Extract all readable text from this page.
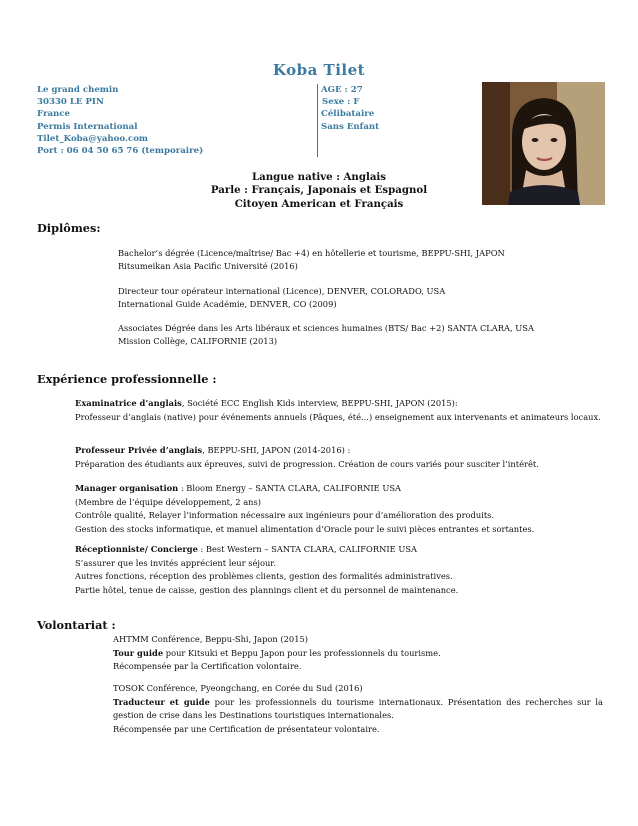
Koba Tilet
Le grand chemin
30330 LE PIN
France
Permis International
Tilet_Koba@yahoo.com
Port : 06 04 50 65 76 (temporaire)
AGE : 27
Sexe : F
Célibataire
Sans Enfant
Langue native : Anglais
Parle : Français, Japonais et Espagnol
Citoyen American et Français
Diplômes:
Bachelor’s dégrée (Licence/maîtrise/ Bac +4) en hôtellerie et tourisme, BEPPU-SHI, JAPON
Ritsumeikan Asia Pacific Université (2016)
Directeur tour opérateur international (Licence), DENVER, COLORADO, USA
International Guide Académie, DENVER, CO (2009)
Associates Dégrée dans les Arts libéraux et sciences humaines (BTS/ Bac +2) SANTA CLARA, USA
Mission Collège, CALIFORNIE (2013)
Expérience professionnelle :
Examinatrice d’anglais, Société ECC English Kids interview, BEPPU-SHI, JAPON (2015):
Professeur d’anglais (native) pour événements annuels (Pâques, été...) enseignement aux intervenants et animateurs locaux.
Professeur Privée d’anglais, BEPPU-SHI, JAPON (2014-2016) :
Préparation des étudiants aux épreuves, suivi de progression. Création de cours variés pour susciter l’intérêt.
Manager organisation : Bloom Energy – SANTA CLARA, CALIFORNIE USA
(Membre de l’équipe développement, 2 ans)
Contrôle qualité, Relayer l’information nécessaire aux ingénieurs pour d’amélioration des produits.
Gestion des stocks informatique, et manuel alimentation d’Oracle pour le suivi pièces entrantes et sortantes.
Réceptionniste/ Concierge : Best Western – SANTA CLARA, CALIFORNIE USA
S’assurer que les invités apprécient leur séjour.
Autres fonctions, réception des problèmes clients, gestion des formalités administratives.
Partie hôtel, tenue de caisse, gestion des plannings client et du personnel de maintenance.
Volontariat :
AHTMM Conférence, Beppu-Shi, Japon (2015)
Tour guide pour Kitsuki et Beppu Japon pour les professionnels du tourisme.
Récompensée par la Certification volontaire.
TOSOK Conférence, Pyeongchang, en Corée du Sud (2016)
Traducteur et guide pour les professionnels du tourisme internationaux. Présentation des recherches sur la gestion de crise dans les Destinations touristiques internationales.
Récompensée par une Certification de présentateur volontaire.
